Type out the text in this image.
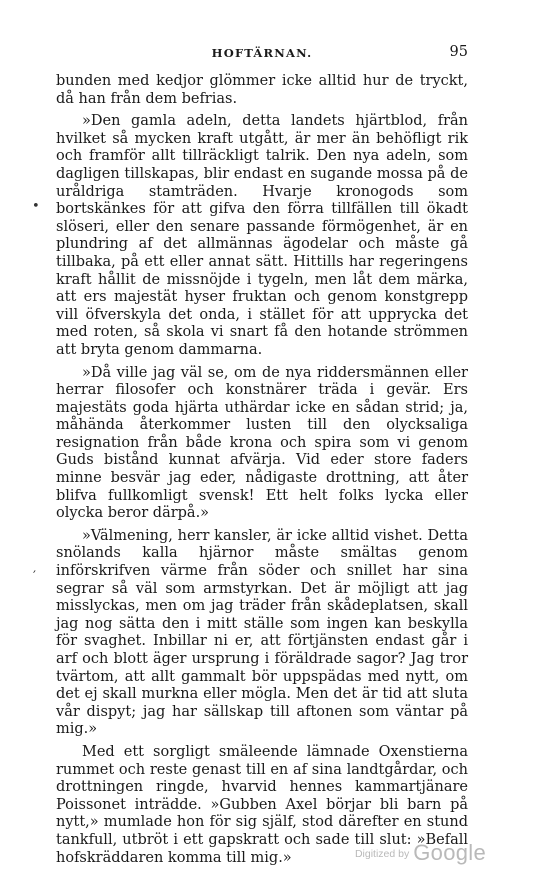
HOFTÄRNAN.	95

bunden med kedjor glömmer icke alltid hur de tryckt, då han från dem befrias.

»Den gamla adeln, detta landets hjärtblod, från hvilket så mycken kraft utgått, är mer än behöfligt rik och framför allt tillräckligt talrik. Den nya adeln, som dagligen tillskapas, blir endast en sugande mossa på de uråldriga stamträden. Hvarje kronogods som bortskänkes för att gifva den förra tillfällen till ökadt slöseri, eller den senare passande förmögenhet, är en plundring af det allmännas ägodelar och måste gå tillbaka, på ett eller annat sätt. Hittills har regeringens kraft hållit de missnöjde i tygeln, men låt dem märka, att ers majestät hyser fruktan och genom konstgrepp vill öfverskyla det onda, i stället för att upprycka det med roten, så skola vi snart få den hotande strömmen att bryta genom dammarna.

»Då ville jag väl se, om de nya riddersmännen eller herrar filosofer och konstnärer träda i gevär. Ers majestäts goda hjärta uthärdar icke en sådan strid; ja, måhända återkommer lusten till den olycksaliga resignation från både krona och spira som vi genom Guds bistånd kunnat afvärja. Vid eder store faders minne besvär jag eder, nådigaste drottning, att åter blifva fullkomligt svensk! Ett helt folks lycka eller olycka beror därpå.»

»Välmening, herr kansler, är icke alltid vishet. Detta snölands kalla hjärnor måste smältas genom införskrifven värme från söder och snillet har sina segrar så väl som armstyrkan. Det är möjligt att jag misslyckas, men om jag träder från skådeplatsen, skall jag nog sätta den i mitt ställe som ingen kan beskylla för svaghet. Inbillar ni er, att förtjänsten endast går i arf och blott äger ursprung i föräldrade sagor? Jag tror tvärtom, att allt gammalt bör uppspädas med nytt, om det ej skall murkna eller mögla. Men det är tid att sluta vår dispyt; jag har sällskap till aftonen som väntar på mig.»

Med ett sorgligt smäleende lämnade Oxenstierna rummet och reste genast till en af sina landtgårdar, och drottningen ringde, hvarvid hennes kammartjänare Poissonet inträdde. »Gubben Axel börjar bli barn på nytt,» mumlade hon för sig själf, stod därefter en stund tankfull, utbröt i ett gapskratt och sade till slut: »Befall hofskräddaren komma till mig.»

•
′
Digitized by Google
